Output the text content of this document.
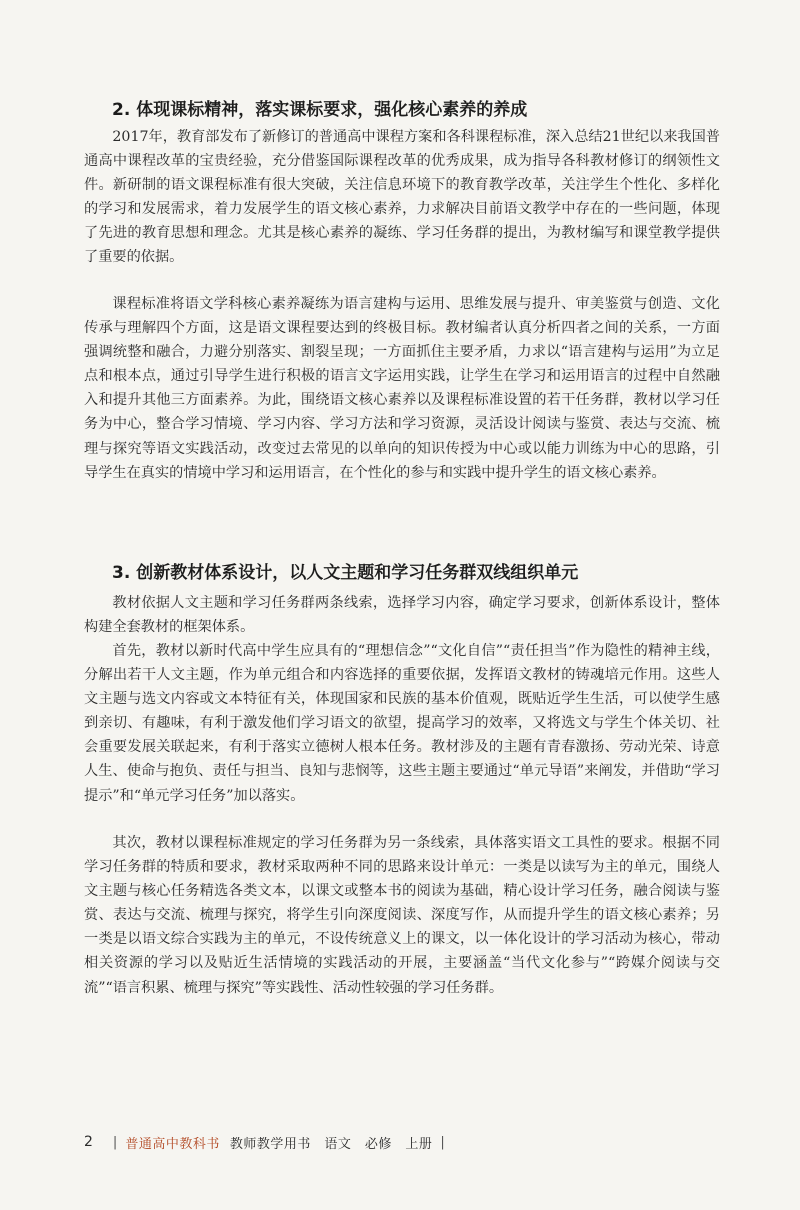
2. 体现课标精神，落实课标要求，强化核心素养的养成

2017年，教育部发布了新修订的普通高中课程方案和各科课程标准，深入总结21世纪以来我国普通高中课程改革的宝贵经验，充分借鉴国际课程改革的优秀成果，成为指导各科教材修订的纲领性文件。新研制的语文课程标准有很大突破，关注信息环境下的教育教学改革，关注学生个性化、多样化的学习和发展需求，着力发展学生的语文核心素养，力求解决目前语文教学中存在的一些问题，体现了先进的教育思想和理念。尤其是核心素养的凝练、学习任务群的提出，为教材编写和课堂教学提供了重要的依据。

课程标准将语文学科核心素养凝练为语言建构与运用、思维发展与提升、审美鉴赏与创造、文化传承与理解四个方面，这是语文课程要达到的终极目标。教材编者认真分析四者之间的关系，一方面强调统整和融合，力避分别落实、割裂呈现；一方面抓住主要矛盾，力求以“语言建构与运用”为立足点和根本点，通过引导学生进行积极的语言文字运用实践，让学生在学习和运用语言的过程中自然融入和提升其他三方面素养。为此，围绕语文核心素养以及课程标准设置的若干任务群，教材以学习任务为中心，整合学习情境、学习内容、学习方法和学习资源，灵活设计阅读与鉴赏、表达与交流、梳理与探究等语文实践活动，改变过去常见的以单向的知识传授为中心或以能力训练为中心的思路，引导学生在真实的情境中学习和运用语言，在个性化的参与和实践中提升学生的语文核心素养。

3. 创新教材体系设计，以人文主题和学习任务群双线组织单元

教材依据人文主题和学习任务群两条线索，选择学习内容，确定学习要求，创新体系设计，整体构建全套教材的框架体系。

首先，教材以新时代高中学生应具有的“理想信念”“文化自信”“责任担当”作为隐性的精神主线，分解出若干人文主题，作为单元组合和内容选择的重要依据，发挥语文教材的铸魂培元作用。这些人文主题与选文内容或文本特征有关，体现国家和民族的基本价值观，既贴近学生生活，可以使学生感到亲切、有趣味，有利于激发他们学习语文的欲望，提高学习的效率，又将选文与学生个体关切、社会重要发展关联起来，有利于落实立德树人根本任务。教材涉及的主题有青春激扬、劳动光荣、诗意人生、使命与抱负、责任与担当、良知与悲悯等，这些主题主要通过“单元导语”来阐发，并借助“学习提示”和“单元学习任务”加以落实。

其次，教材以课程标准规定的学习任务群为另一条线索，具体落实语文工具性的要求。根据不同学习任务群的特质和要求，教材采取两种不同的思路来设计单元：一类是以读写为主的单元，围绕人文主题与核心任务精选各类文本，以课文或整本书的阅读为基础，精心设计学习任务，融合阅读与鉴赏、表达与交流、梳理与探究，将学生引向深度阅读、深度写作，从而提升学生的语文核心素养；另一类是以语文综合实践为主的单元，不设传统意义上的课文，以一体化设计的学习活动为核心，带动相关资源的学习以及贴近生活情境的实践活动的开展，主要涵盖“当代文化参与”“跨媒介阅读与交流”“语言积累、梳理与探究”等实践性、活动性较强的学习任务群。

2 | 普通高中教科书 教师教学用书　语文　必修　上册 |
